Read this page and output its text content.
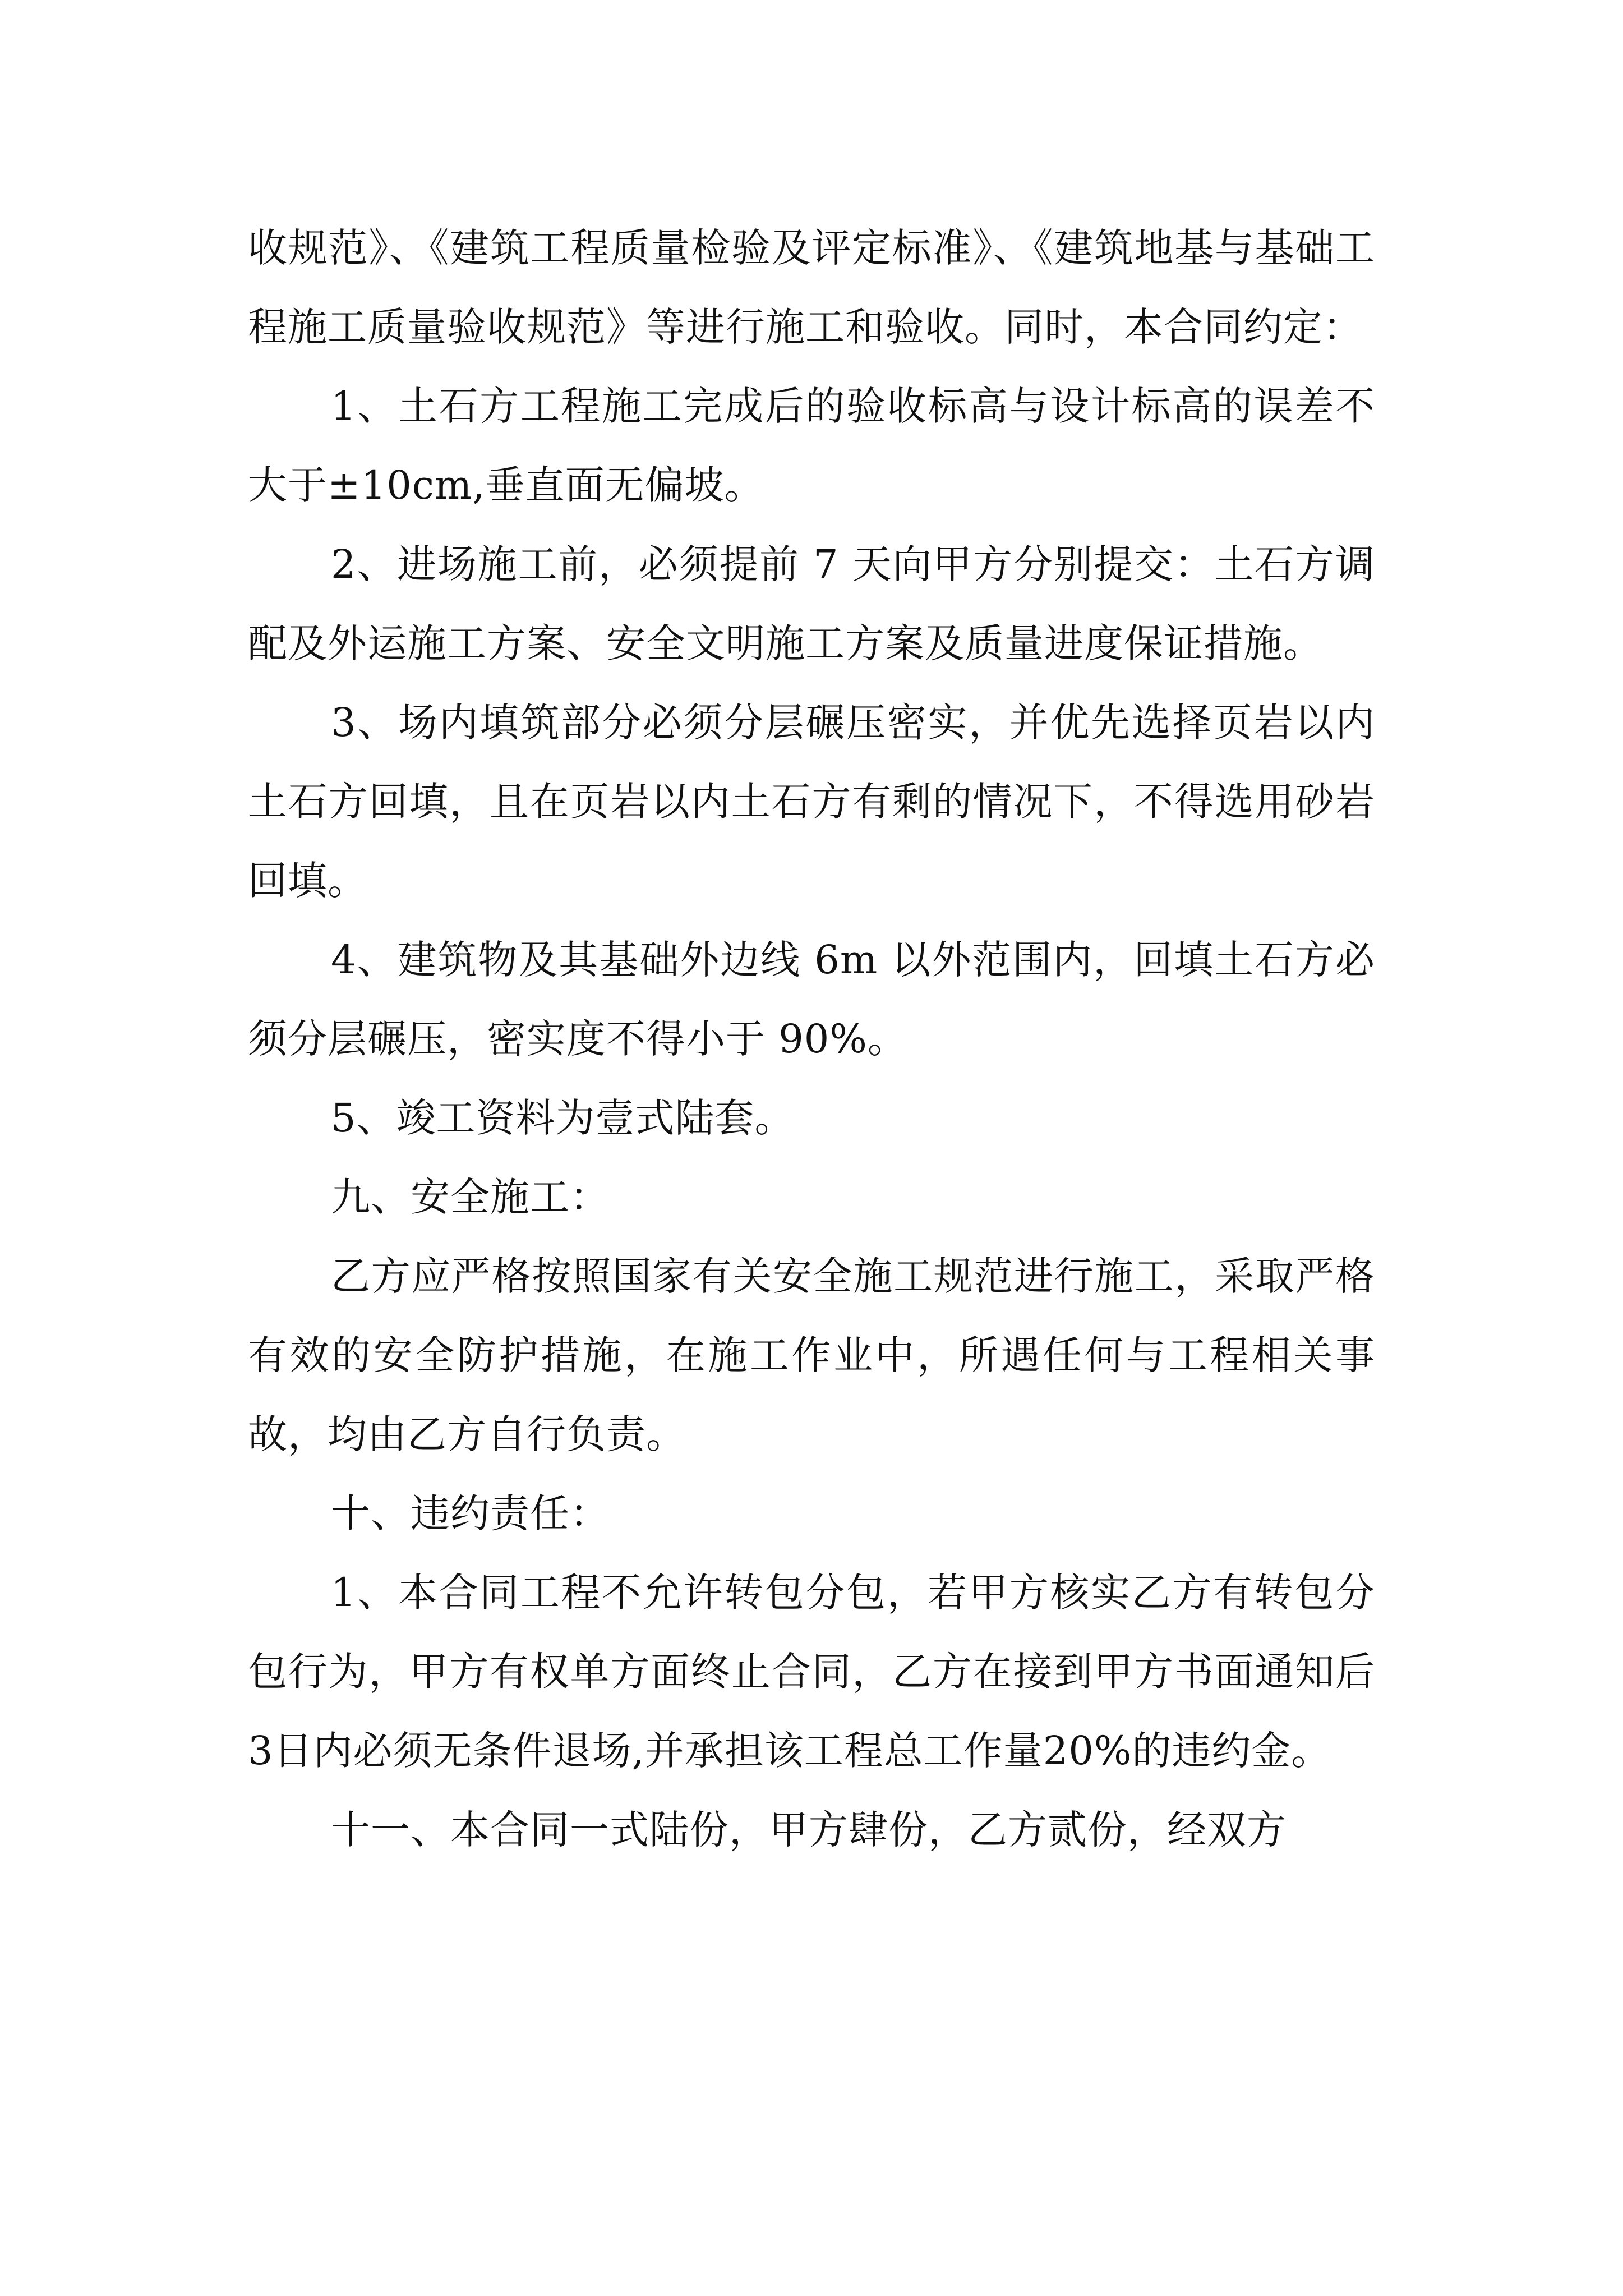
收规范》、《建筑工程质量检验及评定标准》、《建筑地基与基础工程施工质量验收规范》等进行施工和验收。同时，本合同约定：

1、土石方工程施工完成后的验收标高与设计标高的误差不大于±10cm,垂直面无偏坡。

2、进场施工前，必须提前 7 天向甲方分别提交：土石方调配及外运施工方案、安全文明施工方案及质量进度保证措施。

3、场内填筑部分必须分层碾压密实，并优先选择页岩以内土石方回填，且在页岩以内土石方有剩的情况下，不得选用砂岩回填。

4、建筑物及其基础外边线 6m 以外范围内，回填土石方必须分层碾压，密实度不得小于 90%。

5、竣工资料为壹式陆套。

九、安全施工：

乙方应严格按照国家有关安全施工规范进行施工，采取严格有效的安全防护措施，在施工作业中，所遇任何与工程相关事故，均由乙方自行负责。

十、违约责任：

1、本合同工程不允许转包分包，若甲方核实乙方有转包分包行为，甲方有权单方面终止合同，乙方在接到甲方书面通知后3日内必须无条件退场,并承担该工程总工作量20%的违约金。

十一、本合同一式陆份，甲方肆份，乙方贰份，经双方
